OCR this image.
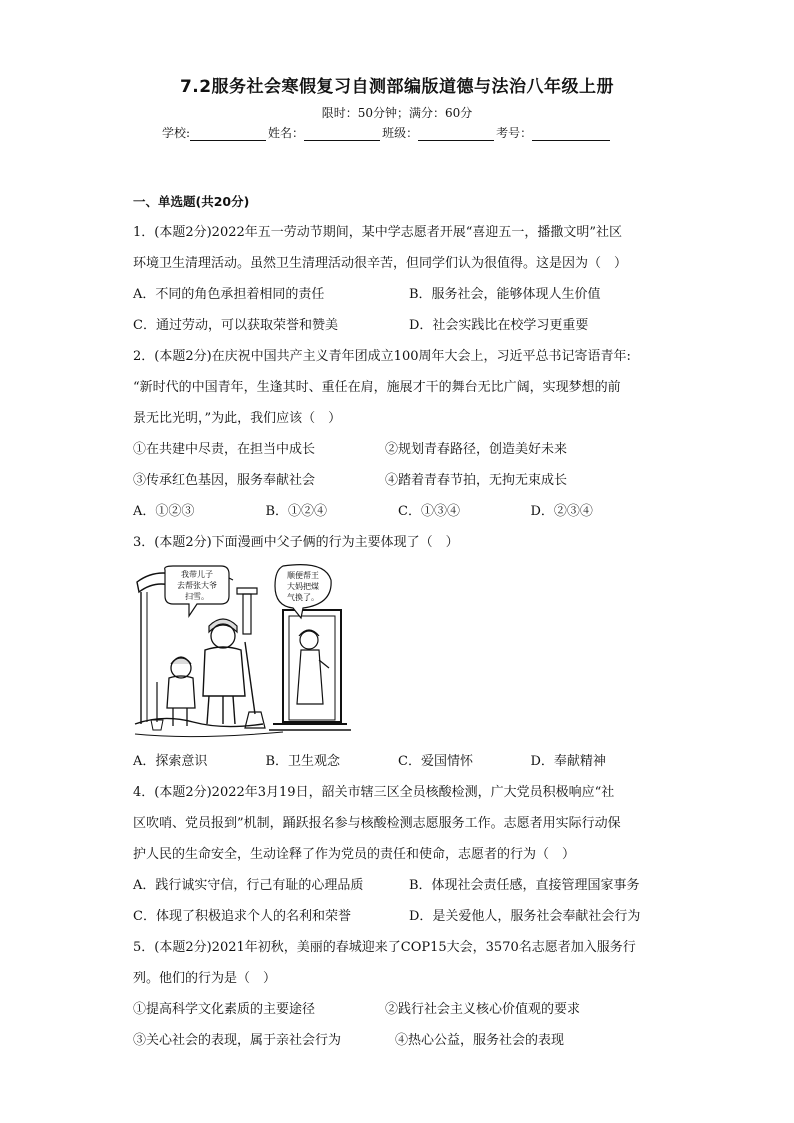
7.2服务社会寒假复习自测部编版道德与法治八年级上册
限时：50分钟；满分：60分
学校:	姓名：	班级：	考号：
一、单选题(共20分)
1．(本题2分)2022年五一劳动节期间，某中学志愿者开展“喜迎五一，播撒文明”社区
环境卫生清理活动。虽然卫生清理活动很辛苦，但同学们认为很值得。这是因为（　）
A．不同的角色承担着相同的责任	B．服务社会，能够体现人生价值
C．通过劳动，可以获取荣誉和赞美	D．社会实践比在校学习更重要
2．(本题2分)在庆祝中国共产主义青年团成立100周年大会上，习近平总书记寄语青年:
“新时代的中国青年，生逢其时、重任在肩，施展才干的舞台无比广阔，实现梦想的前
景无比光明，”为此，我们应该（　）
①在共建中尽责，在担当中成长	②规划青春路径，创造美好未来
③传承红色基因，服务奉献社会	④踏着青春节拍，无拘无束成长
A．①②③	B．①②④	C．①③④	D．②③④
3．(本题2分)下面漫画中父子俩的行为主要体现了（　）
我带儿子
去帮张大爷
扫雪。
顺便帮王
大妈把煤
气换了。
A．探索意识	B．卫生观念	C．爱国情怀	D．奉献精神
4．(本题2分)2022年3月19日，韶关市辖三区全员核酸检测，广大党员积极响应“社
区吹哨、党员报到”机制，踊跃报名参与核酸检测志愿服务工作。志愿者用实际行动保
护人民的生命安全，生动诠释了作为党员的责任和使命，志愿者的行为（　）
A．践行诚实守信，行己有耻的心理品质	B．体现社会责任感，直接管理国家事务
C．体现了积极追求个人的名利和荣誉	D．是关爱他人，服务社会奉献社会行为
5．(本题2分)2021年初秋，美丽的春城迎来了COP15大会，3570名志愿者加入服务行
列。他们的行为是（　）
①提高科学文化素质的主要途径	②践行社会主义核心价值观的要求
③关心社会的表现，属于亲社会行为	④热心公益，服务社会的表现
